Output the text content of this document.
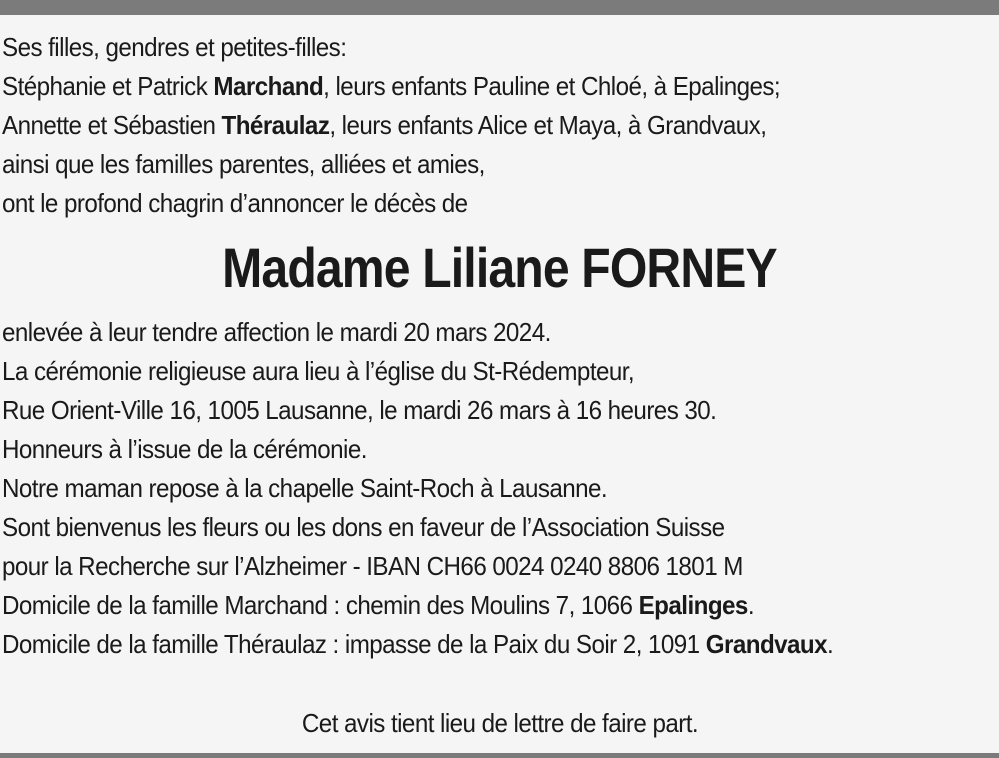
Ses filles, gendres et petites-filles:
Stéphanie et Patrick Marchand, leurs enfants Pauline et Chloé, à Epalinges;
Annette et Sébastien Théraulaz, leurs enfants Alice et Maya, à Grandvaux,
ainsi que les familles parentes, alliées et amies,
ont le profond chagrin d’annoncer le décès de
Madame Liliane FORNEY
enlevée à leur tendre affection le mardi 20 mars 2024.
La cérémonie religieuse aura lieu à l’église du St-Rédempteur,
Rue Orient-Ville 16, 1005 Lausanne, le mardi 26 mars à 16 heures 30.
Honneurs à l’issue de la cérémonie.
Notre maman repose à la chapelle Saint-Roch à Lausanne.
Sont bienvenus les fleurs ou les dons en faveur de l’Association Suisse
pour la Recherche sur l’Alzheimer - IBAN CH66 0024 0240 8806 1801 M
Domicile de la famille Marchand : chemin des Moulins 7, 1066 Epalinges.
Domicile de la famille Théraulaz : impasse de la Paix du Soir 2, 1091 Grandvaux.
Cet avis tient lieu de lettre de faire part.
